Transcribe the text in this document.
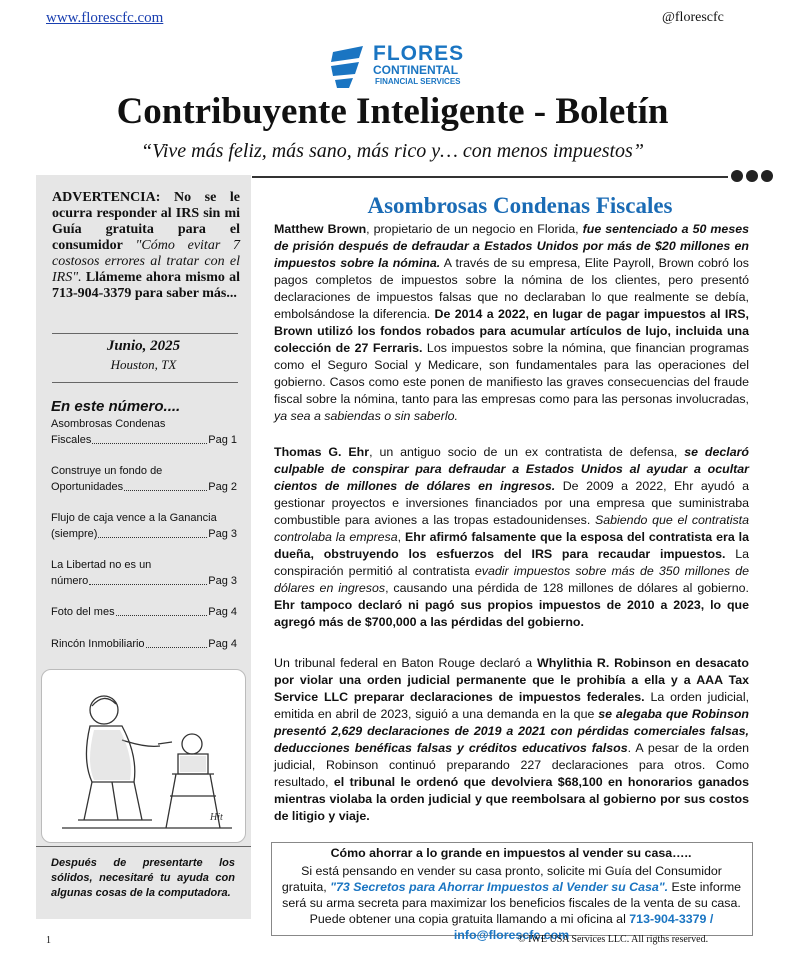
www.florescfc.com	@florescfc
FLORES
CONTINENTAL
FINANCIAL SERVICES
Contribuyente Inteligente - Boletín
“Vive más feliz, más sano, más rico y… con menos impuestos”
ADVERTENCIA: No se le ocurra responder al IRS sin mi Guía gratuita para el consumidor "Cómo evitar 7 costosos errores al tratar con el IRS". Llámeme ahora mismo al 713-904-3379 para saber más...
Junio, 2025
Houston, TX
En este número....
Asombrosas Condenas
Fiscales	Pag 1
Construye un fondo de
Oportunidades	Pag 2
Flujo de caja vence a la Ganancia
(siempre)	Pag 3
La Libertad no es un
número	Pag 3
Foto del mes	Pag 4
Rincón Inmobiliario	Pag 4
Hit
Después de presentarte los sólidos, necesitaré tu ayuda con algunas cosas de la computadora.
Asombrosas Condenas Fiscales
Matthew Brown, propietario de un negocio en Florida, fue sentenciado a 50 meses de prisión después de defraudar a Estados Unidos por más de $20 millones en impuestos sobre la nómina. A través de su empresa, Elite Payroll, Brown cobró los pagos completos de impuestos sobre la nómina de los clientes, pero presentó declaraciones de impuestos falsas que no declaraban lo que realmente se debía, embolsándose la diferencia. De 2014 a 2022, en lugar de pagar impuestos al IRS, Brown utilizó los fondos robados para acumular artículos de lujo, incluida una colección de 27 Ferraris. Los impuestos sobre la nómina, que financian programas como el Seguro Social y Medicare, son fundamentales para las operaciones del gobierno. Casos como este ponen de manifiesto las graves consecuencias del fraude fiscal sobre la nómina, tanto para las empresas como para las personas involucradas, ya sea a sabiendas o sin saberlo.
Thomas G. Ehr, un antiguo socio de un ex contratista de defensa, se declaró culpable de conspirar para defraudar a Estados Unidos al ayudar a ocultar cientos de millones de dólares en ingresos. De 2009 a 2022, Ehr ayudó a gestionar proyectos e inversiones financiados por una empresa que suministraba combustible para aviones a las tropas estadounidenses. Sabiendo que el contratista controlaba la empresa, Ehr afirmó falsamente que la esposa del contratista era la dueña, obstruyendo los esfuerzos del IRS para recaudar impuestos. La conspiración permitió al contratista evadir impuestos sobre más de 350 millones de dólares en ingresos, causando una pérdida de 128 millones de dólares al gobierno. Ehr tampoco declaró ni pagó sus propios impuestos de 2010 a 2023, lo que agregó más de $700,000 a las pérdidas del gobierno.
Un tribunal federal en Baton Rouge declaró a Whylithia R. Robinson en desacato por violar una orden judicial permanente que le prohibía a ella y a AAA Tax Service LLC preparar declaraciones de impuestos federales. La orden judicial, emitida en abril de 2023, siguió a una demanda en la que se alegaba que Robinson presentó 2,629 declaraciones de 2019 a 2021 con pérdidas comerciales falsas, deducciones benéficas falsas y créditos educativos falsos. A pesar de la orden judicial, Robinson continuó preparando 227 declaraciones para otros. Como resultado, el tribunal le ordenó que devolviera $68,100 en honorarios ganados mientras violaba la orden judicial y que reembolsara al gobierno por sus costos de litigio y viaje.
Cómo ahorrar a lo grande en impuestos al vender su casa…..
Si está pensando en vender su casa pronto, solicite mi Guía del Consumidor gratuita, "73 Secretos para Ahorrar Impuestos al Vender su Casa". Este informe será su arma secreta para maximizar los beneficios fiscales de la venta de su casa. Puede obtener una copia gratuita llamando a mi oficina al 713-904-3379 / info@florescfc.com
1	© IWE USA Services LLC. All rigths reserved.
